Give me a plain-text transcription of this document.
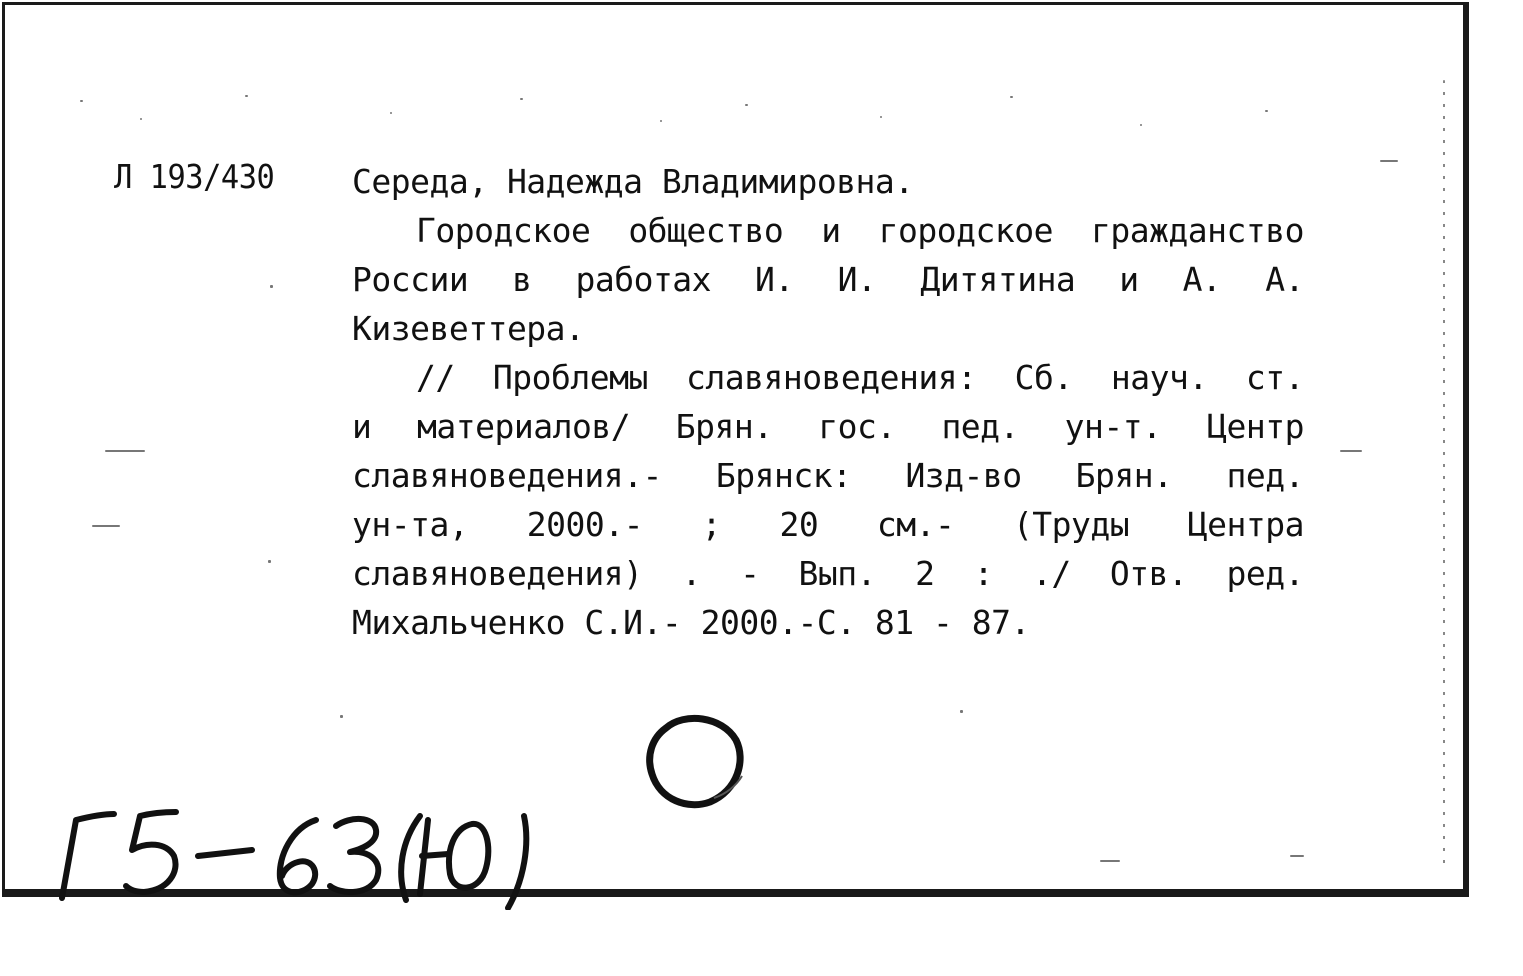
Л 193/430 Середа, Надежда Владимировна.
Городское общество и городское гражданство
России в работах И. И. Дитятина и А. А.
Кизеветтера.
// Проблемы славяноведения: Сб. науч. ст.
и материалов/ Брян. гос. пед. ун-т. Центр
славяноведения.- Брянск: Изд-во Брян. пед.
ун-та, 2000.- ; 20 см.- (Труды Центра
славяноведения) . - Вып. 2 : ./ Отв. ред.
Михальченко С.И.- 2000.-С. 81 - 87.
